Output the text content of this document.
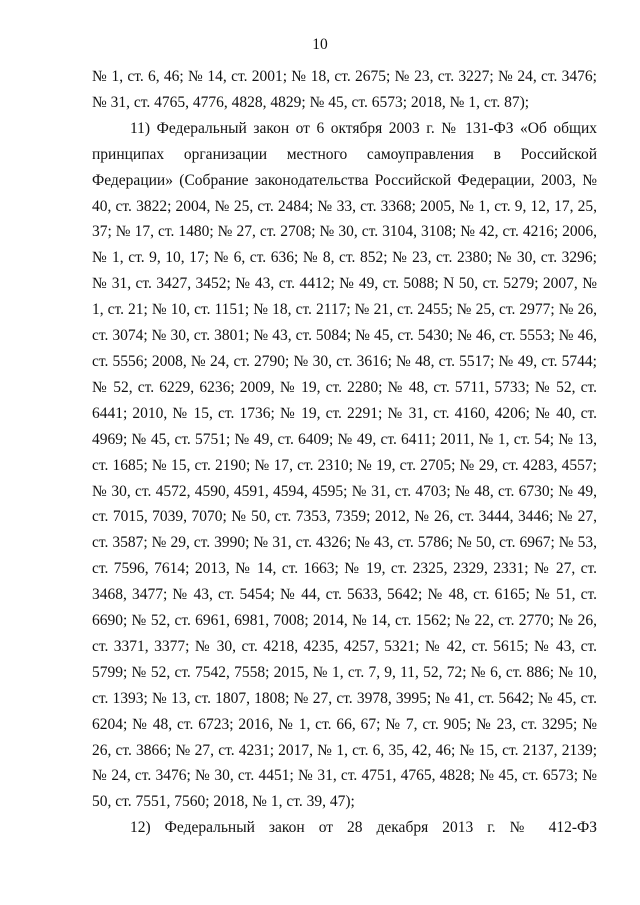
10

№ 1, ст. 6, 46; № 14, ст. 2001; № 18, ст. 2675; № 23, ст. 3227; № 24, ст. 3476; № 31, ст. 4765, 4776, 4828, 4829; № 45, ст. 6573; 2018, № 1, ст. 87);

11) Федеральный закон от 6 октября 2003 г. № 131-ФЗ «Об общих принципах организации местного самоуправления в Российской Федерации» (Собрание законодательства Российской Федерации, 2003, № 40, ст. 3822; 2004, № 25, ст. 2484; № 33, ст. 3368; 2005, № 1, ст. 9, 12, 17, 25, 37; № 17, ст. 1480; № 27, ст. 2708; № 30, ст. 3104, 3108; № 42, ст. 4216; 2006, № 1, ст. 9, 10, 17; № 6, ст. 636; № 8, ст. 852; № 23, ст. 2380; № 30, ст. 3296; № 31, ст. 3427, 3452; № 43, ст. 4412; № 49, ст. 5088; N 50, ст. 5279; 2007, № 1, ст. 21; № 10, ст. 1151; № 18, ст. 2117; № 21, ст. 2455; № 25, ст. 2977; № 26, ст. 3074; № 30, ст. 3801; № 43, ст. 5084; № 45, ст. 5430; № 46, ст. 5553; № 46, ст. 5556; 2008, № 24, ст. 2790; № 30, ст. 3616; № 48, ст. 5517; № 49, ст. 5744; № 52, ст. 6229, 6236; 2009, № 19, ст. 2280; № 48, ст. 5711, 5733; № 52, ст. 6441; 2010, № 15, ст. 1736; № 19, ст. 2291; № 31, ст. 4160, 4206; № 40, ст. 4969; № 45, ст. 5751; № 49, ст. 6409; № 49, ст. 6411; 2011, № 1, ст. 54; № 13, ст. 1685; № 15, ст. 2190; № 17, ст. 2310; № 19, ст. 2705; № 29, ст. 4283, 4557; № 30, ст. 4572, 4590, 4591, 4594, 4595; № 31, ст. 4703; № 48, ст. 6730; № 49, ст. 7015, 7039, 7070; № 50, ст. 7353, 7359; 2012, № 26, ст. 3444, 3446; № 27, ст. 3587; № 29, ст. 3990; № 31, ст. 4326; № 43, ст. 5786; № 50, ст. 6967; № 53, ст. 7596, 7614; 2013, № 14, ст. 1663; № 19, ст. 2325, 2329, 2331; № 27, ст. 3468, 3477; № 43, ст. 5454; № 44, ст. 5633, 5642; № 48, ст. 6165; № 51, ст. 6690; № 52, ст. 6961, 6981, 7008; 2014, № 14, ст. 1562; № 22, ст. 2770; № 26, ст. 3371, 3377; № 30, ст. 4218, 4235, 4257, 5321; № 42, ст. 5615; № 43, ст. 5799; № 52, ст. 7542, 7558; 2015, № 1, ст. 7, 9, 11, 52, 72; № 6, ст. 886; № 10, ст. 1393; № 13, ст. 1807, 1808; № 27, ст. 3978, 3995; № 41, ст. 5642; № 45, ст. 6204; № 48, ст. 6723; 2016, № 1, ст. 66, 67; № 7, ст. 905; № 23, ст. 3295; № 26, ст. 3866; № 27, ст. 4231; 2017, № 1, ст. 6, 35, 42, 46; № 15, ст. 2137, 2139; № 24, ст. 3476; № 30, ст. 4451; № 31, ст. 4751, 4765, 4828; № 45, ст. 6573; № 50, ст. 7551, 7560; 2018, № 1, ст. 39, 47);

12) Федеральный закон от 28 декабря 2013 г. № 412-ФЗ
